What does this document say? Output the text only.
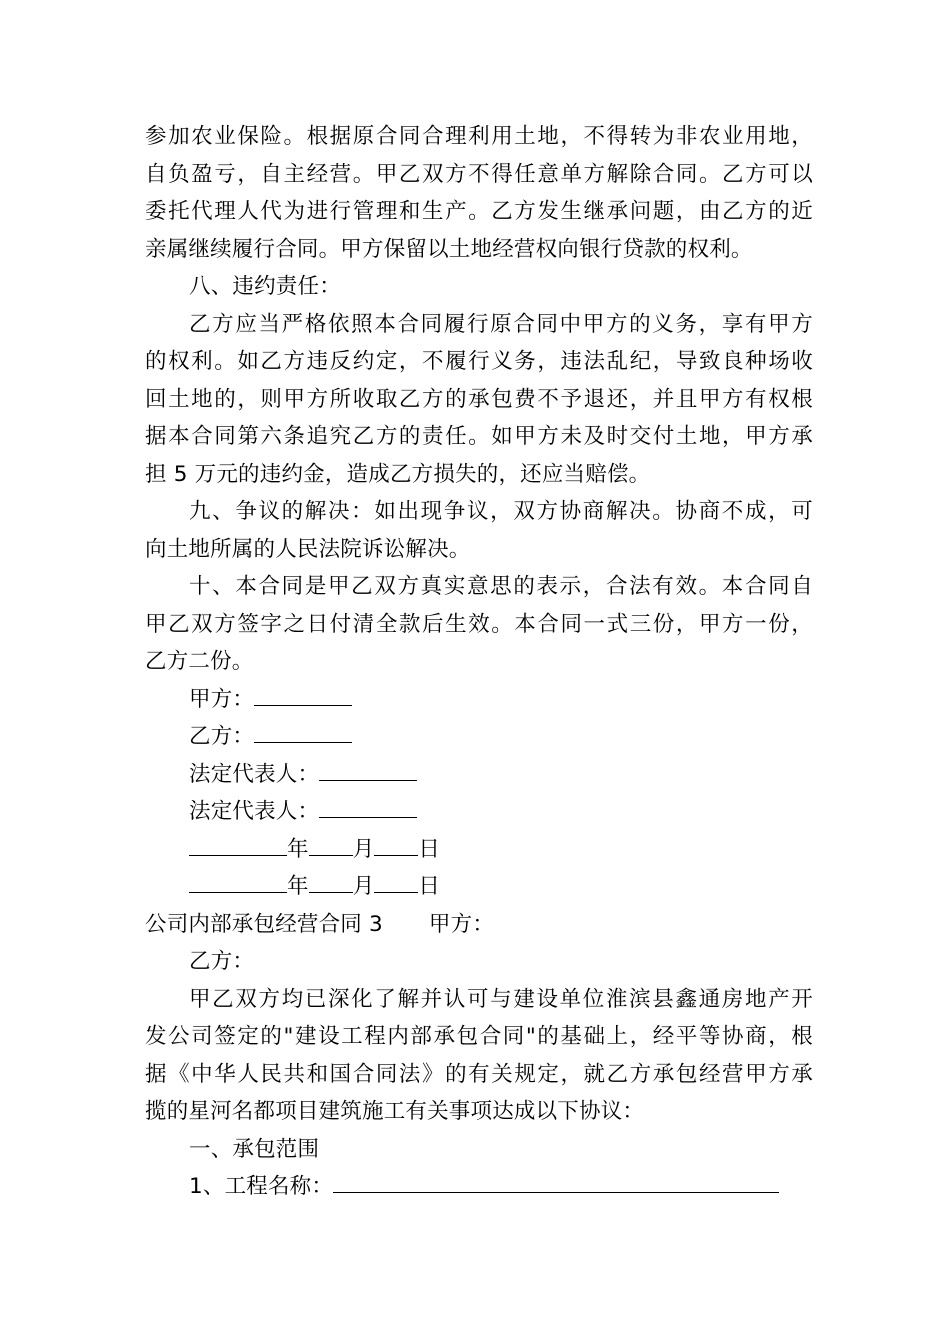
参加农业保险。根据原合同合理利用土地，不得转为非农业用地，
自负盈亏，自主经营。甲乙双方不得任意单方解除合同。乙方可以
委托代理人代为进行管理和生产。乙方发生继承问题，由乙方的近
亲属继续履行合同。甲方保留以土地经营权向银行贷款的权利。
八、违约责任：
乙方应当严格依照本合同履行原合同中甲方的义务，享有甲方
的权利。如乙方违反约定，不履行义务，违法乱纪，导致良种场收
回土地的，则甲方所收取乙方的承包费不予退还，并且甲方有权根
据本合同第六条追究乙方的责任。如甲方未及时交付土地，甲方承
担 5 万元的违约金，造成乙方损失的，还应当赔偿。
九、争议的解决：如出现争议，双方协商解决。协商不成，可
向土地所属的人民法院诉讼解决。
十、本合同是甲乙双方真实意思的表示，合法有效。本合同自
甲乙双方签字之日付清全款后生效。本合同一式三份，甲方一份，
乙方二份。
甲方：
乙方：
法定代表人：
法定代表人：
年 月 日
年 月 日
公司内部承包经营合同 3 甲方：
乙方：
甲乙双方均已深化了解并认可与建设单位淮滨县鑫通房地产开
发公司签定的"建设工程内部承包合同"的基础上，经平等协商，根
据《中华人民共和国合同法》的有关规定，就乙方承包经营甲方承
揽的星河名都项目建筑施工有关事项达成以下协议：
一、承包范围
1、工程名称：
